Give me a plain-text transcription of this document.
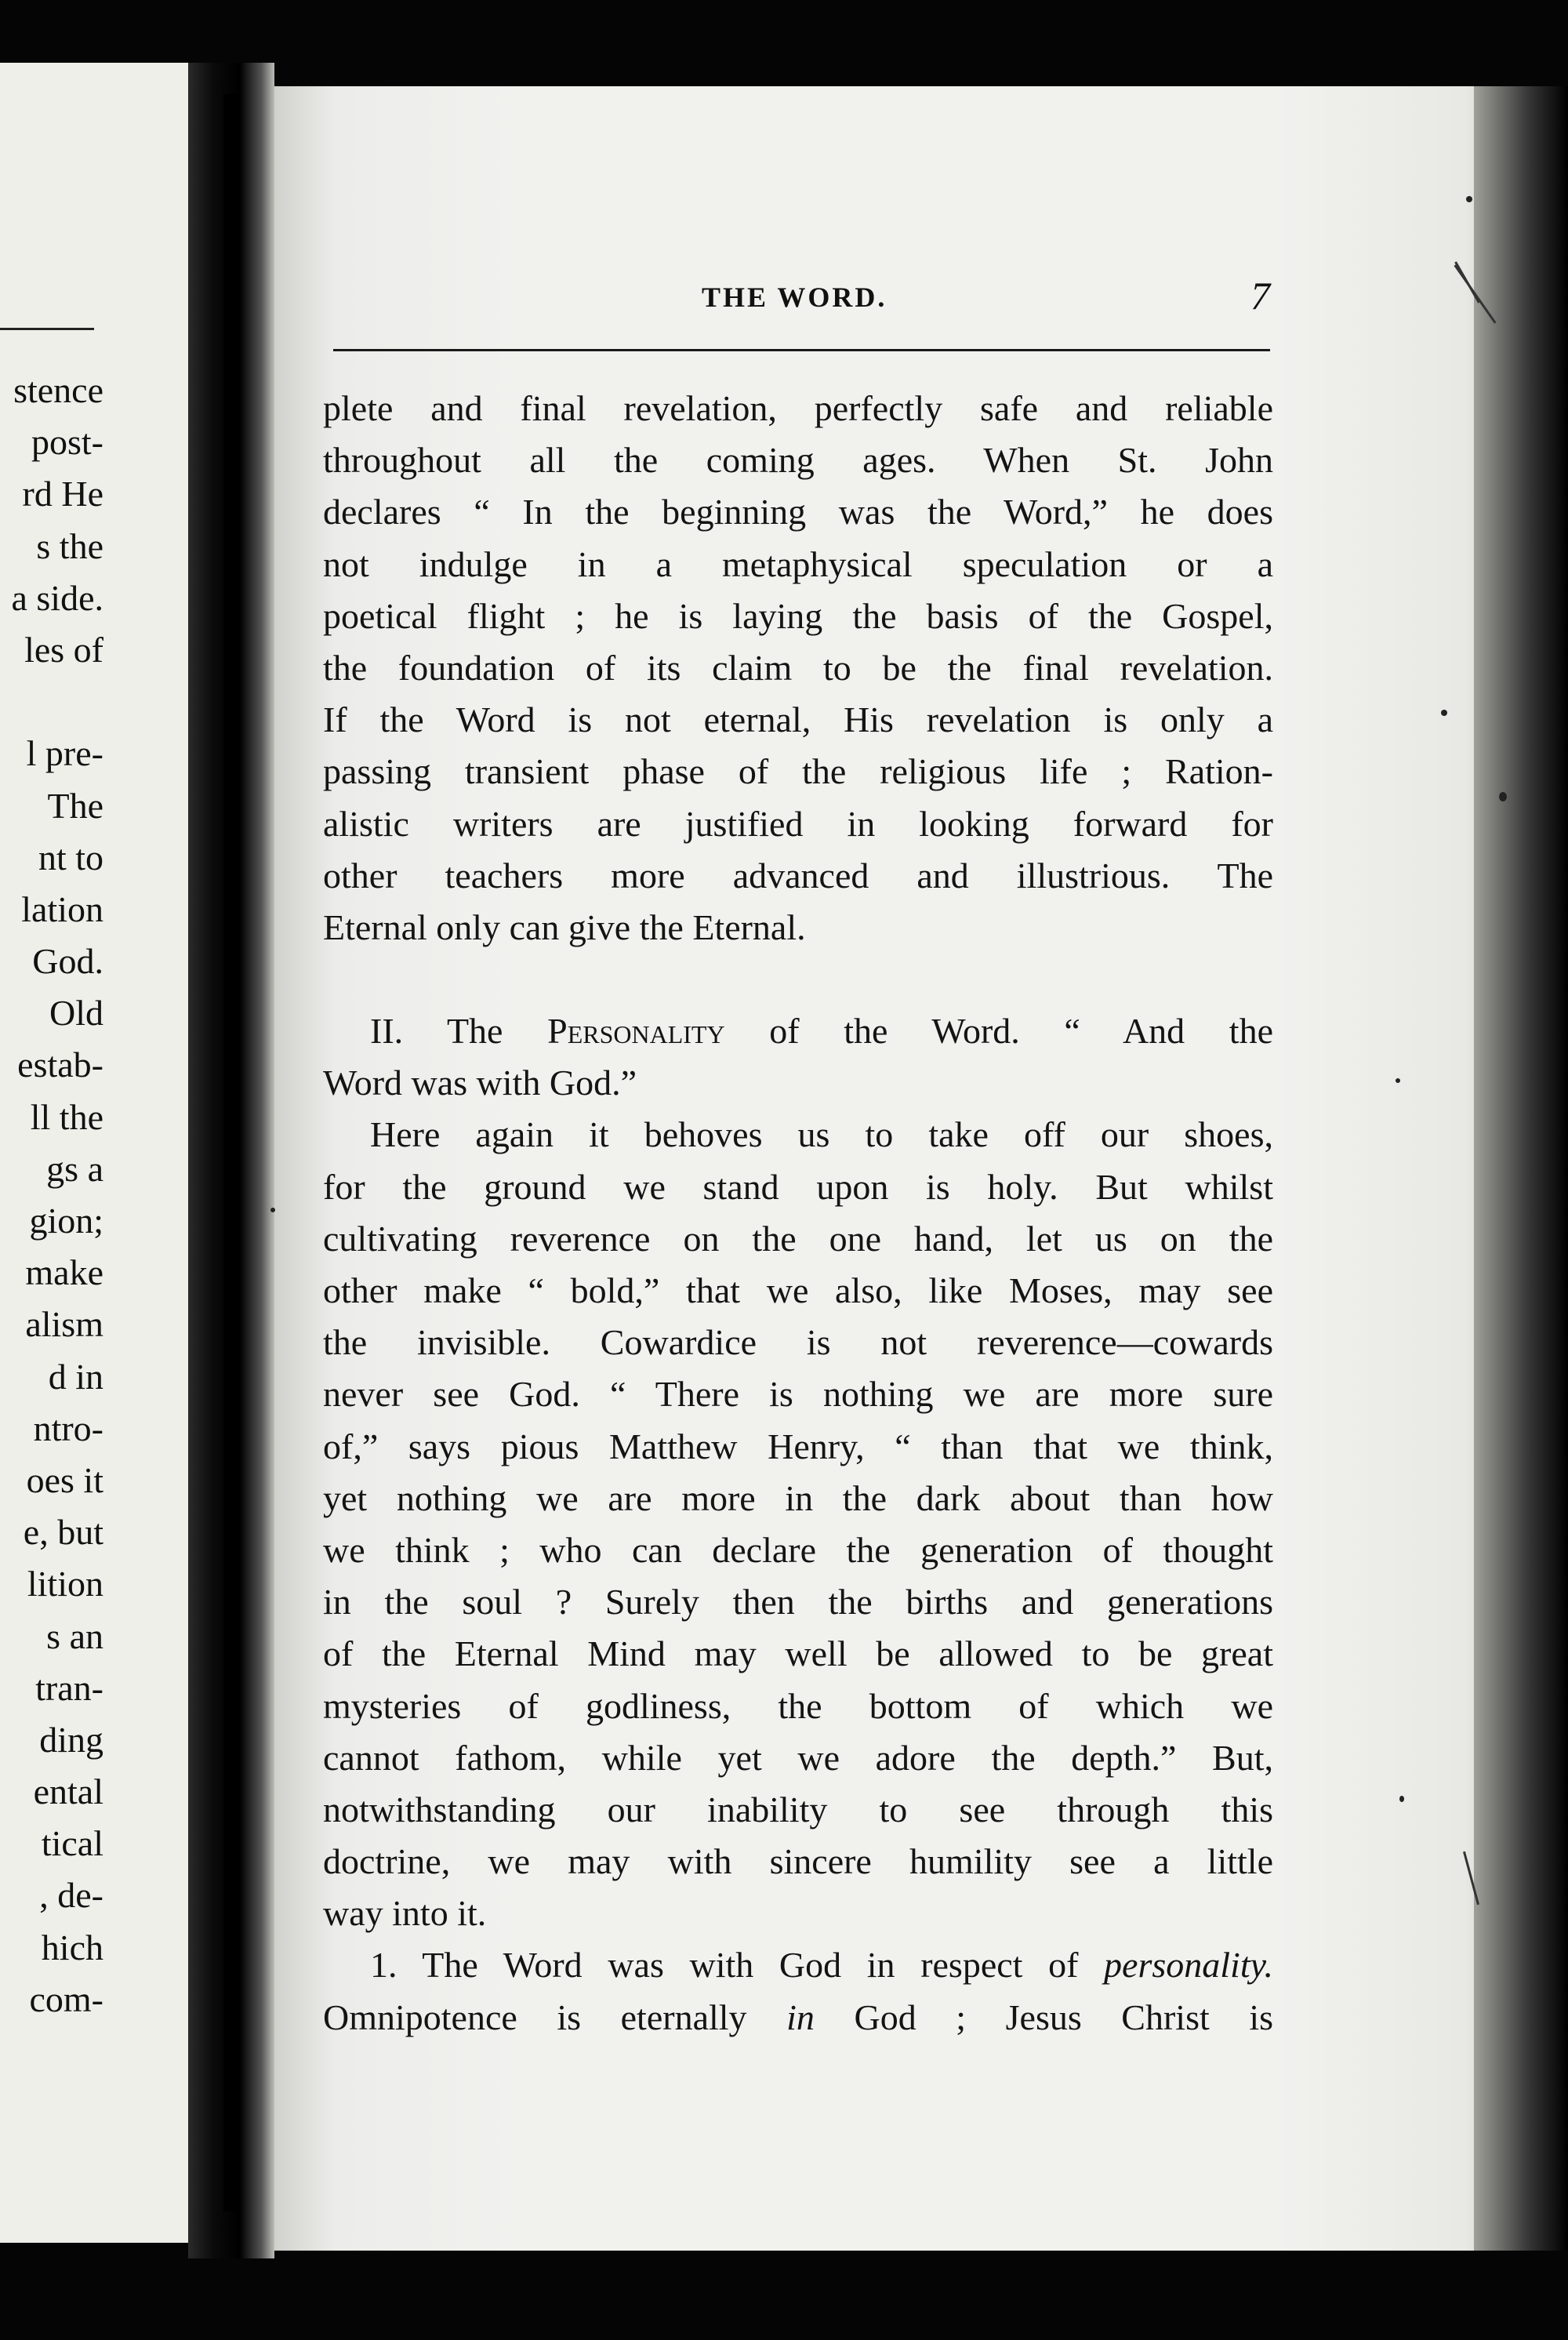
stence
post-
rd He
s the
a side.
les of
l pre-
The
nt to
lation
God.
Old
estab-
ll the
gs a
gion;
make
alism
d in
ntro-
oes it
e, but
lition
s an
tran-
ding
ental
tical
, de-
hich
com-
THE WORD.	7
plete and final revelation, perfectly safe and reliable
throughout all the coming ages. When St. John
declares “ In the beginning was the Word,” he does
not indulge in a metaphysical speculation or a
poetical flight ; he is laying the basis of the Gospel,
the foundation of its claim to be the final revelation.
If the Word is not eternal, His revelation is only a
passing transient phase of the religious life ; Ration-
alistic writers are justified in looking forward for
other teachers more advanced and illustrious. The
Eternal only can give the Eternal.
II. The Personality of the Word. “ And the
Word was with God.”
Here again it behoves us to take off our shoes,
for the ground we stand upon is holy. But whilst
cultivating reverence on the one hand, let us on the
other make “ bold,” that we also, like Moses, may see
the invisible. Cowardice is not reverence—cowards
never see God. “ There is nothing we are more sure
of,” says pious Matthew Henry, “ than that we think,
yet nothing we are more in the dark about than how
we think ; who can declare the generation of thought
in the soul ? Surely then the births and generations
of the Eternal Mind may well be allowed to be great
mysteries of godliness, the bottom of which we
cannot fathom, while yet we adore the depth.” But,
notwithstanding our inability to see through this
doctrine, we may with sincere humility see a little
way into it.
1. The Word was with God in respect of personality.
Omnipotence is eternally in God ; Jesus Christ is
